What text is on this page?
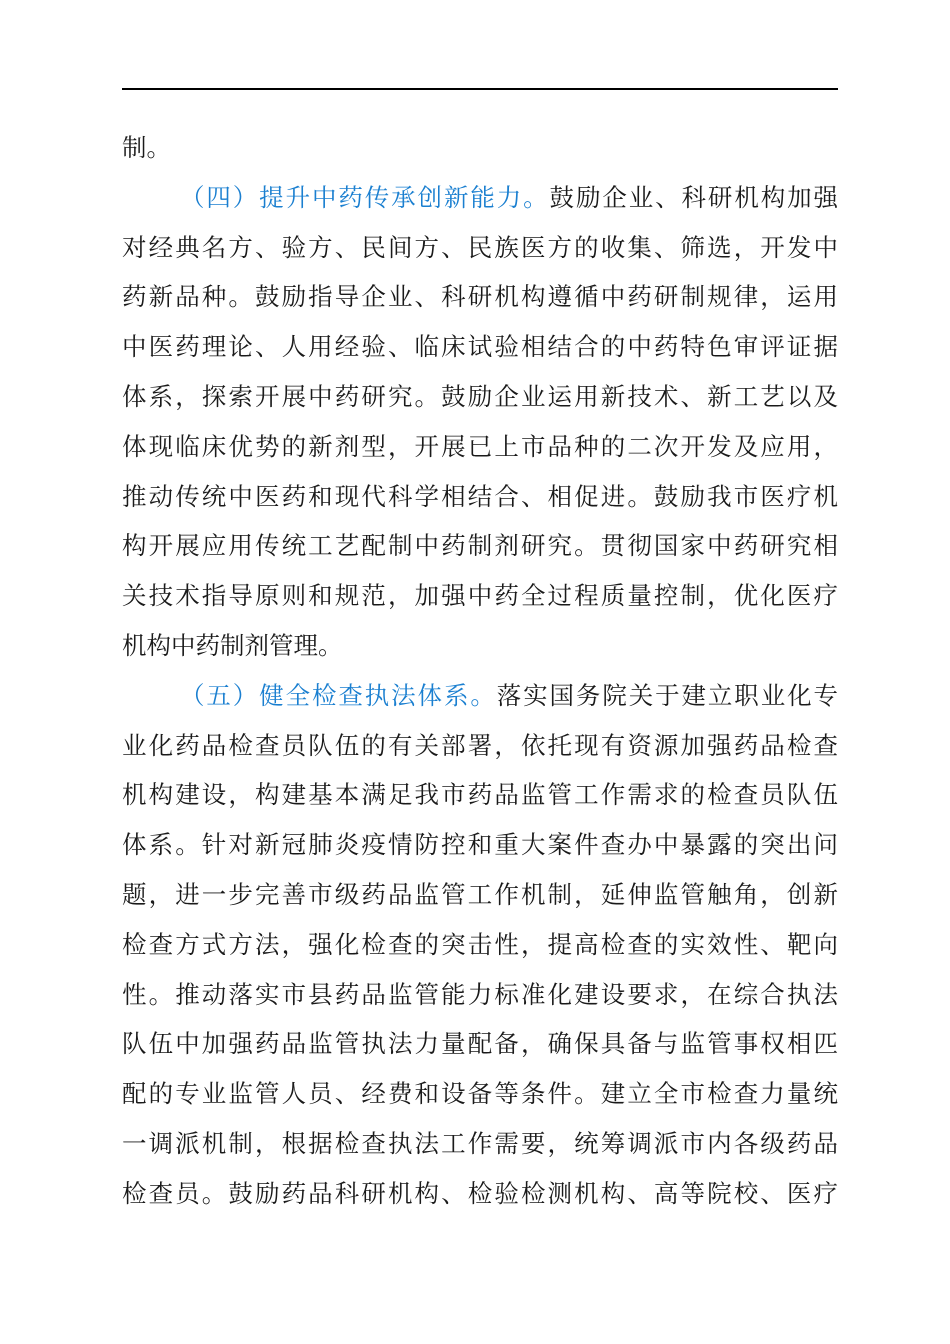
制。
（四）提升中药传承创新能力。鼓励企业、科研机构加强
对经典名方、验方、民间方、民族医方的收集、筛选，开发中
药新品种。鼓励指导企业、科研机构遵循中药研制规律，运用
中医药理论、人用经验、临床试验相结合的中药特色审评证据
体系，探索开展中药研究。鼓励企业运用新技术、新工艺以及
体现临床优势的新剂型，开展已上市品种的二次开发及应用，
推动传统中医药和现代科学相结合、相促进。鼓励我市医疗机
构开展应用传统工艺配制中药制剂研究。贯彻国家中药研究相
关技术指导原则和规范，加强中药全过程质量控制，优化医疗
机构中药制剂管理。
（五）健全检查执法体系。落实国务院关于建立职业化专
业化药品检查员队伍的有关部署，依托现有资源加强药品检查
机构建设，构建基本满足我市药品监管工作需求的检查员队伍
体系。针对新冠肺炎疫情防控和重大案件查办中暴露的突出问
题，进一步完善市级药品监管工作机制，延伸监管触角，创新
检查方式方法，强化检查的突击性，提高检查的实效性、靶向
性。推动落实市县药品监管能力标准化建设要求，在综合执法
队伍中加强药品监管执法力量配备，确保具备与监管事权相匹
配的专业监管人员、经费和设备等条件。建立全市检查力量统
一调派机制，根据检查执法工作需要，统筹调派市内各级药品
检查员。鼓励药品科研机构、检验检测机构、高等院校、医疗
